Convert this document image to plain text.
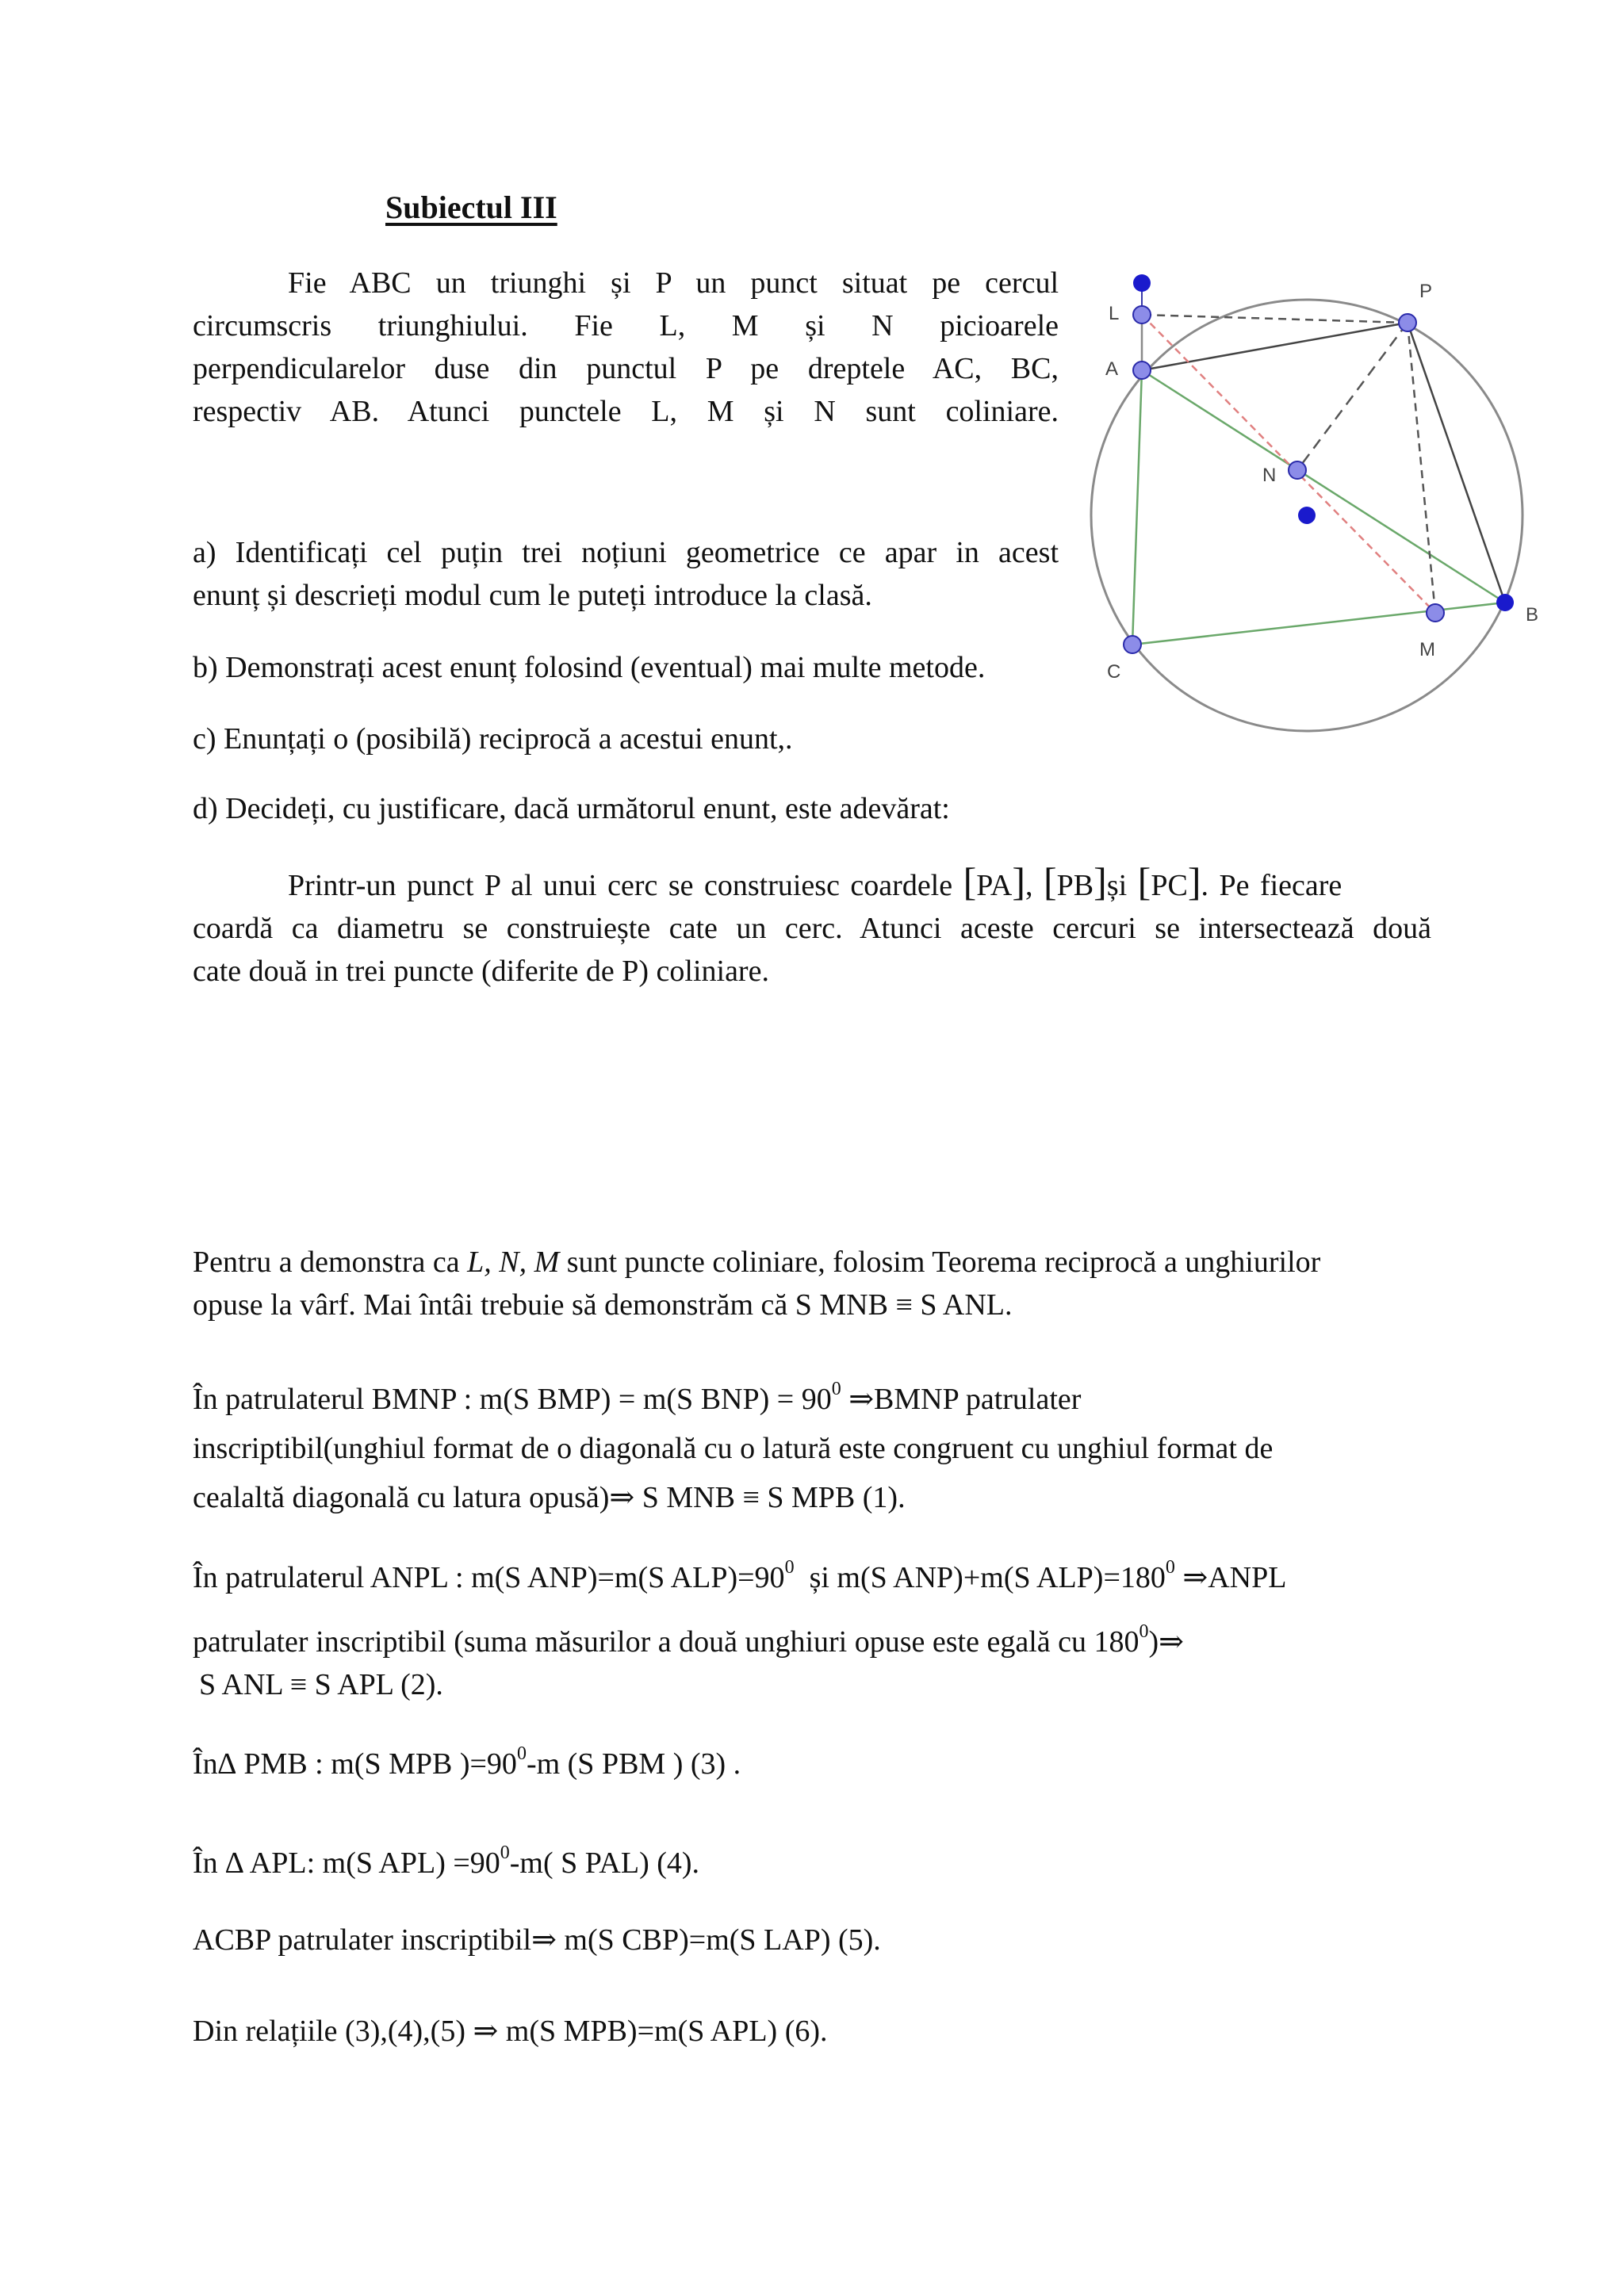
Subiectul III
Fie ABC un triunghi și P un punct situat pe cercul
circumscris triunghiului. Fie L, M și N picioarele
perpendicularelor duse din punctul P pe dreptele AC, BC,
respectiv AB. Atunci punctele L, M și N sunt coliniare.
a) Identificați cel puțin trei noțiuni geometrice ce apar in acest
enunț și descrieți modul cum le puteți introduce la clasă.
b) Demonstrați acest enunț folosind (eventual) mai multe metode.
c) Enunțați o (posibilă) reciprocă a acestui enunt,.
d) Decideți, cu justificare, dacă următorul enunt, este adevărat:
L
A
P
N
B
M
C
Printr-un punct P al unui cerc se construiesc coardele [PA], [PB]și [PC]. Pe fiecare
coardă ca diametru se construiește cate un cerc. Atunci aceste cercuri se intersectează două
cate două in trei puncte (diferite de P) coliniare.
Pentru a demonstra ca L, N, M sunt puncte coliniare, folosim Teorema reciprocă a unghiurilor
opuse la vârf. Mai întâi trebuie să demonstrăm că S MNB ≡ S ANL.
În patrulaterul BMNP : m(S BMP) = m(S $BNP) = 90^0$ ⇒BMNP patrulater
inscriptibil(unghiul format de o diagonală cu o latură este congruent cu unghiul format de
cealaltă diagonală cu latura opusă)⇒ S MNB ≡ S MPB (1).
În patrulaterul ANPL : m(S ANP)=m(S $ALP)=90^0$ și m(S ANP)+m(S $ALP)=180^0$ ⇒ANPL
patrulater inscriptibil (suma măsurilor a două unghiuri opuse este egală cu $180^0)\Rightarrow$
S ANL ≡ S APL (2).
În∆ PMB : m(S MPB )$=90^0-m$ (S PBM ) (3) .
În ∆ APL: m(S $APL) =90^0-m$( S PAL) (4).
ACBP patrulater inscriptibil⇒ m(S CBP)=m(S LAP) (5).
Din relațiile (3),(4),(5) ⇒ m(S MPB)=m(S APL) (6).
